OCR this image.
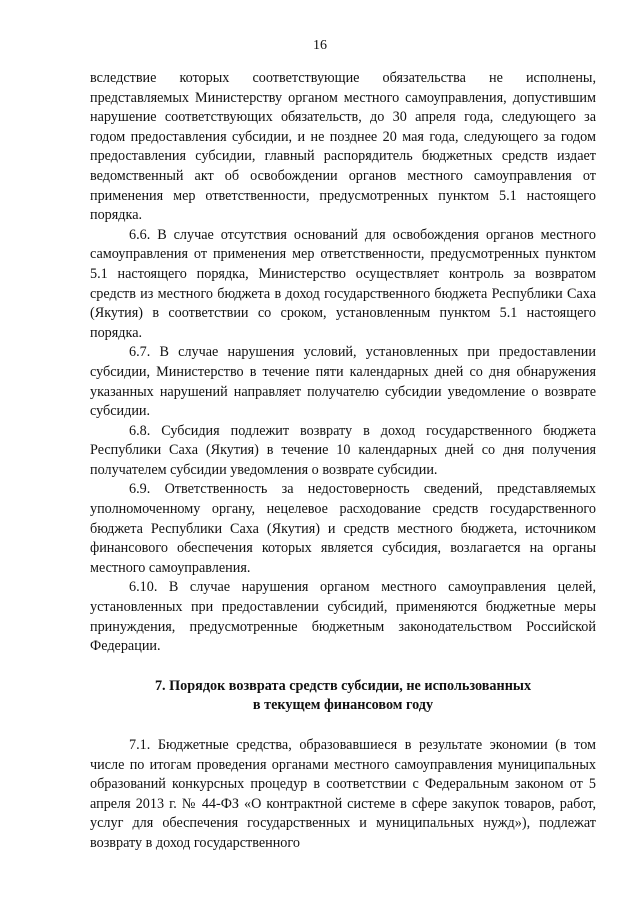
16

вследствие которых соответствующие обязательства не исполнены, представляемых Министерству органом местного самоуправления, допустившим нарушение соответствующих обязательств, до 30 апреля года, следующего за годом предоставления субсидии, и не позднее 20 мая года, следующего за годом предоставления субсидии, главный распорядитель бюджетных средств издает ведомственный акт об освобождении органов местного самоуправления от применения мер ответственности, предусмотренных пунктом 5.1 настоящего порядка.

6.6. В случае отсутствия оснований для освобождения органов местного самоуправления от применения мер ответственности, предусмотренных пунктом 5.1 настоящего порядка, Министерство осуществляет контроль за возвратом средств из местного бюджета в доход государственного бюджета Республики Саха (Якутия) в соответствии со сроком, установленным пунктом 5.1 настоящего порядка.

6.7. В случае нарушения условий, установленных при предоставлении субсидии, Министерство в течение пяти календарных дней со дня обнаружения указанных нарушений направляет получателю субсидии уведомление о возврате субсидии.

6.8. Субсидия подлежит возврату в доход государственного бюджета Республики Саха (Якутия) в течение 10 календарных дней со дня получения получателем субсидии уведомления о возврате субсидии.

6.9. Ответственность за недостоверность сведений, представляемых уполномоченному органу, нецелевое расходование средств государственного бюджета Республики Саха (Якутия) и средств местного бюджета, источником финансового обеспечения которых является субсидия, возлагается на органы местного самоуправления.

6.10. В случае нарушения органом местного самоуправления целей, установленных при предоставлении субсидий, применяются бюджетные меры принуждения, предусмотренные бюджетным законодательством Российской Федерации.

7. Порядок возврата средств субсидии, не использованных
в текущем финансовом году

7.1. Бюджетные средства, образовавшиеся в результате экономии (в том числе по итогам проведения органами местного самоуправления муниципальных образований конкурсных процедур в соответствии с Федеральным законом от 5 апреля 2013 г. № 44-ФЗ «О контрактной системе в сфере закупок товаров, работ, услуг для обеспечения государственных и муниципальных нужд»), подлежат возврату в доход государственного
